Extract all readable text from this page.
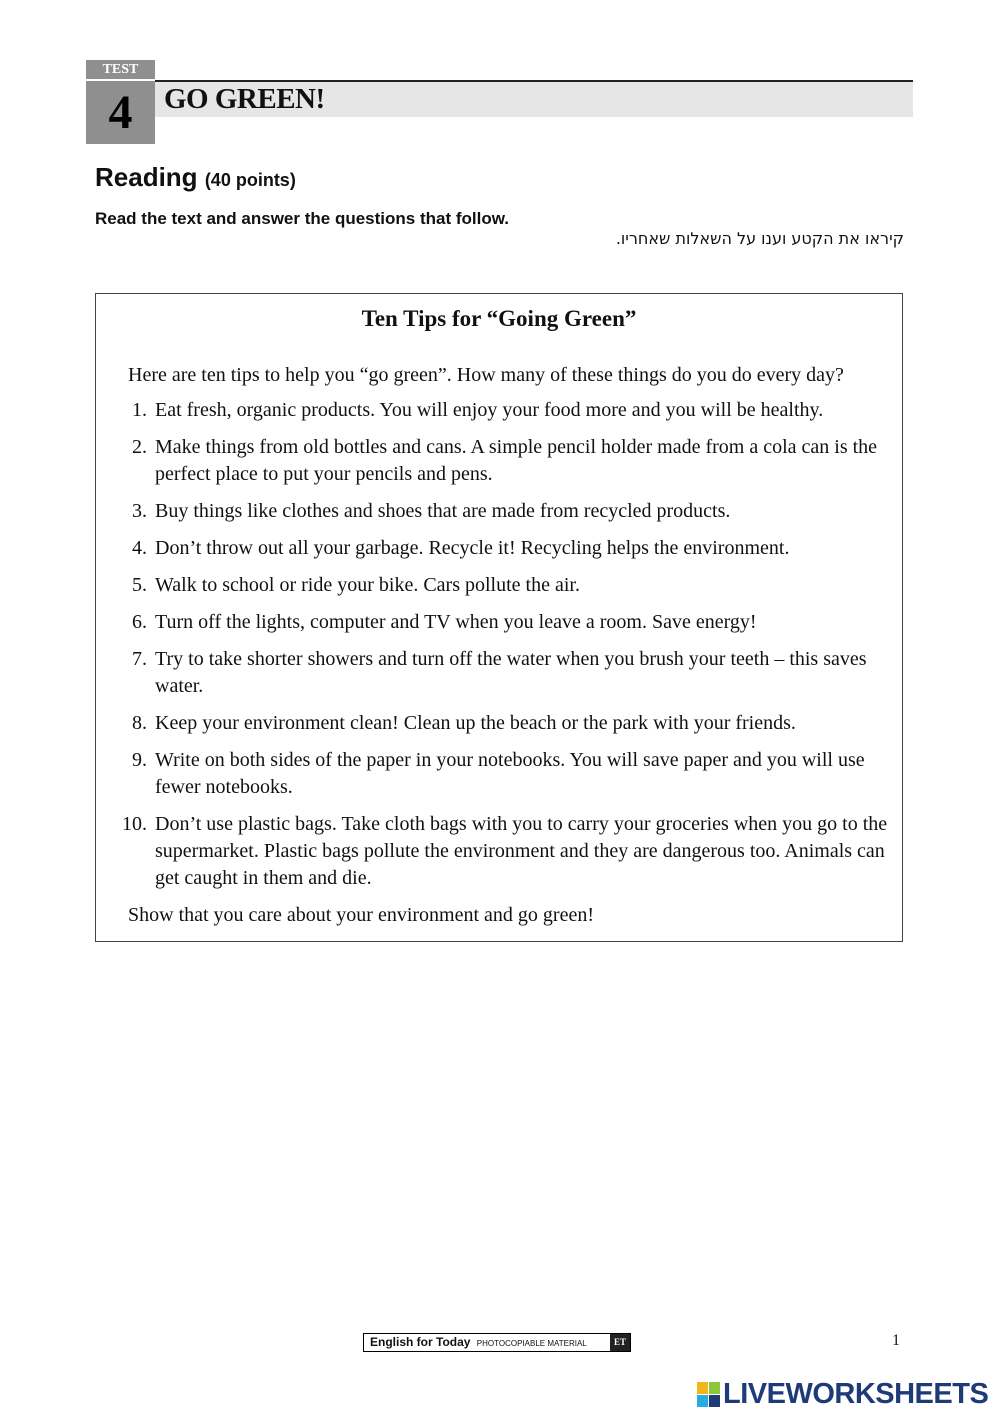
TEST
4	GO GREEN!
Reading (40 points)
Read the text and answer the questions that follow.
קיראו את הקטע וענו על השאלות שאחריו.
Ten Tips for “Going Green”
Here are ten tips to help you “go green”. How many of these things do you do every day?
1. Eat fresh, organic products. You will enjoy your food more and you will be healthy.
2. Make things from old bottles and cans. A simple pencil holder made from a cola can is the perfect place to put your pencils and pens.
3. Buy things like clothes and shoes that are made from recycled products.
4. Don’t throw out all your garbage. Recycle it! Recycling helps the environment.
5. Walk to school or ride your bike. Cars pollute the air.
6. Turn off the lights, computer and TV when you leave a room. Save energy!
7. Try to take shorter showers and turn off the water when you brush your teeth – this saves water.
8. Keep your environment clean! Clean up the beach or the park with your friends.
9. Write on both sides of the paper in your notebooks. You will save paper and you will use fewer notebooks.
10. Don’t use plastic bags. Take cloth bags with you to carry your groceries when you go to the supermarket. Plastic bags pollute the environment and they are dangerous too. Animals can get caught in them and die.
Show that you care about your environment and go green!
English for Today PHOTOCOPIABLE MATERIAL	ET	1
LIVEWORKSHEETS
